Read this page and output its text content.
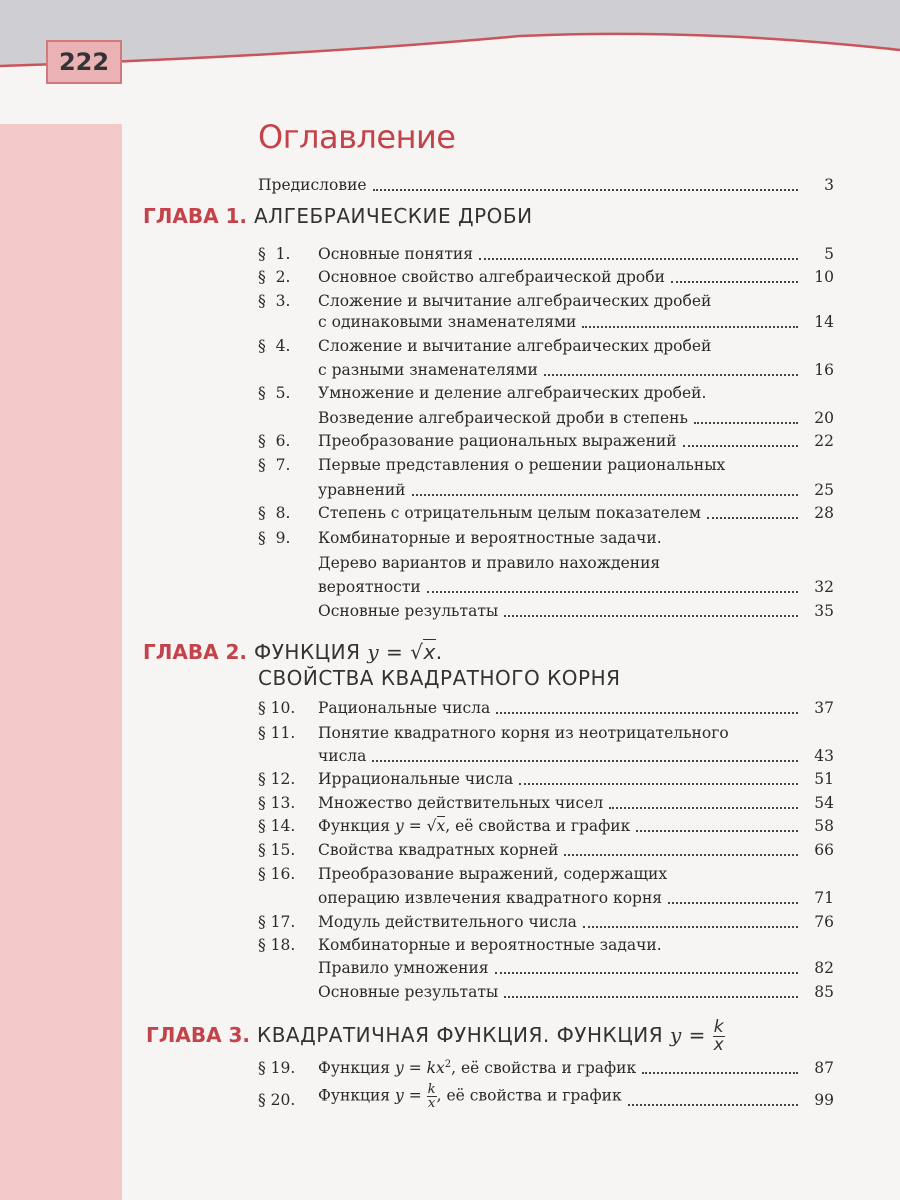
222
Оглавление
Предисловие	3
ГЛАВА 1. АЛГЕБРАИЧЕСКИЕ ДРОБИ
§  1.	Основные понятия	5
§  2.	Основное свойство алгебраической дроби	10
§  3.	Сложение и вычитание алгебраических дробей
с одинаковыми знаменателями	14
§  4.	Сложение и вычитание алгебраических дробей
с разными знаменателями	16
§  5.	Умножение и деление алгебраических дробей.
Возведение алгебраической дроби в степень	20
§  6.	Преобразование рациональных выражений	22
§  7.	Первые представления о решении рациональных
уравнений	25
§  8.	Степень с отрицательным целым показателем	28
§  9.	Комбинаторные и вероятностные задачи.
Дерево вариантов и правило нахождения
вероятности	32
Основные результаты	35
ГЛАВА 2. ФУНКЦИЯ y = √x.
СВОЙСТВА КВАДРАТНОГО КОРНЯ
§ 10.	Рациональные числа	37
§ 11.	Понятие квадратного корня из неотрицательного
числа	43
§ 12.	Иррациональные числа	51
§ 13.	Множество действительных чисел	54
§ 14.	Функция y = √x, её свойства и график	58
§ 15.	Свойства квадратных корней	66
§ 16.	Преобразование выражений, содержащих
операцию извлечения квадратного корня	71
§ 17.	Модуль действительного числа	76
§ 18.	Комбинаторные и вероятностные задачи.
Правило умножения	82
Основные результаты	85
ГЛАВА 3. КВАДРАТИЧНАЯ ФУНКЦИЯ. ФУНКЦИЯ $y = \frac{k}{x}$
§ 19.	Функция $y = kx^2$, её свойства и график	87
§ 20.	Функция $y = \frac{k}{x}$ , её свойства и график	99
